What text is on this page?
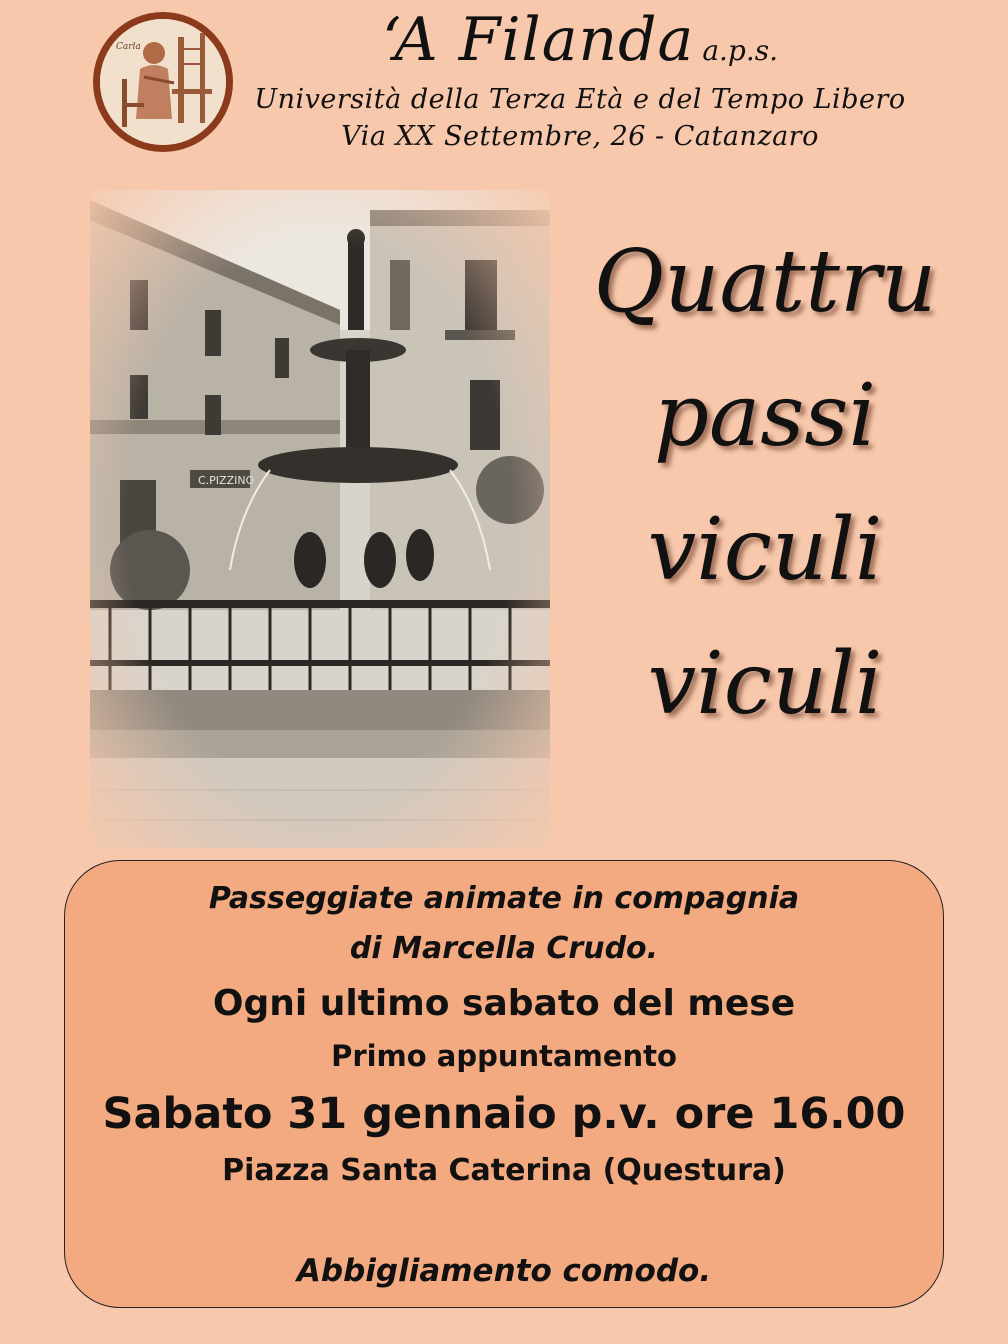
Carla	‘A Filanda a.p.s.
Università della Terza Età e del Tempo Libero
Via XX Settembre, 26 - Catanzaro
Quattru
passi
viculi
viculi
Passeggiate animate in compagnia
di Marcella Crudo.
Ogni ultimo sabato del mese
Primo appuntamento
Sabato 31 gennaio p.v. ore 16.00
Piazza Santa Caterina (Questura)
Abbigliamento comodo.
